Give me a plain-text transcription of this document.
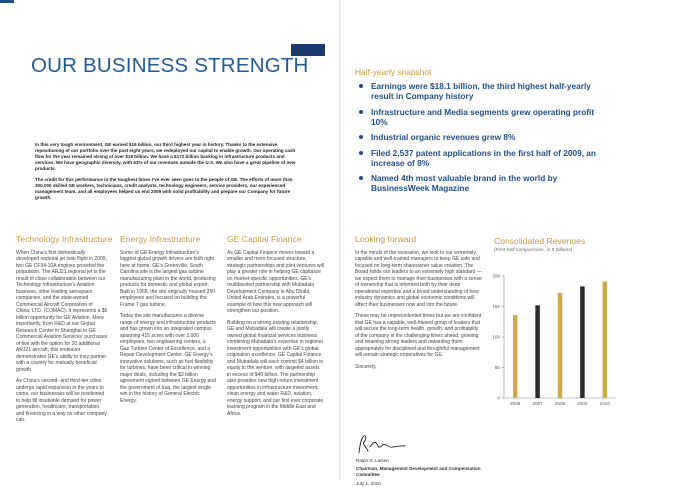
OUR BUSINESS STRENGTH

In this very tough environment, GE earned $18 billion, our third highest year in history. Thanks to the extensive repositioning of our portfolio over the past eight years, we redeployed our capital to enable growth. Our operating cash flow for the year remained strong at over $19 billion. We have a $172 billion backlog in infrastructure products and services. We have geographic diversity, with 53% of our revenues outside the U.S. We also have a great pipeline of new products.

The credit for this performance in the toughest times I’ve ever seen goes to the people of GE. The efforts of more than 300,000 skilled GE workers, technicians, credit analysts, technology engineers, service providers, our experienced management team, and all employees helped us end 2009 with solid profitability and prepare our Company for future growth.

Technology Infrastructure

When China’s first domestically developed regional jet took flight in 2009, two GE CF34-10A engines provided the propulsion. The ARJ21 regional jet is the result of close collaboration between our Technology Infrastructure’s Aviation business, other leading aerospace companies, and the state-owned Commercial Aircraft Corporation of China, LTD. (COMAC). It represents a $6 billion opportunity for GE Aviation. More importantly, from R&D at our Global Research Center in Shanghai to GE Commercial Aviation Services’ purchases of five with the option for 20 additional ARJ21 aircraft, this endeavor demonstrates GE’s ability to truly partner with a country for mutually beneficial growth.

As China’s second- and third-tier cities undergo rapid expansion in the years to come, our businesses will be positioned to help fill insatiable demand for power generation, healthcare, transportation, and financing in a way no other company can.

Energy Infrastructure

Some of GE Energy Infrastructure’s biggest global growth drivers are built right here at home. GE’s Greenville, South Carolina site is the largest gas turbine manufacturing plant in the world, producing products for domestic and global export. Built in 1968, the site originally housed 250 employees and focused on building the Frame 7 gas turbine.

Today the site manufactures a diverse range of energy and infrastructure products and has grown into an integrated campus spanning 415 acres with over 3,000 employees, two engineering centers, a Gas Turbine Center of Excellence, and a Repair Development Center. GE Energy’s innovative solutions, such as fuel flexibility for turbines, have been critical in winning major deals, including the $3 billion agreement signed between GE Energy and the government of Iraq, the largest single win in the history of General Electric Energy.

GE Capital Finance

As GE Capital Finance moves toward a smaller and more focused structure, strategic partnerships and joint ventures will play a greater role in helping GE capitalize on market-specific opportunities. GE’s multifaceted partnership with Mubadala Development Company in Abu Dhabi, United Arab Emirates, is a powerful example of how this new approach will strengthen our position.

Building on a strong existing relationship, GE and Mubadala will create a jointly owned global financial services business combining Mubadala’s expertise in regional investment opportunities with GE’s global origination excellence. GE Capital Finance and Mubadala will each commit $4 billion in equity to the venture, with targeted assets in excess of $40 billion. The partnership also provides new high-return investment opportunities in infrastructure investment, clean energy and water R&D, aviation, energy support, and our first ever corporate learning program in the Middle East and Africa.

Half-yearly snapshot
Earnings were $18.1 billion, the third highest half-yearly result in Company history
Infrastructure and Media segments grew operating profit 10%
Industrial organic revenues grew 8%
Filed 2,537 patent applications in the first half of 2009, an increase of 8%
Named 4th most valuable brand in the world by BusinessWeek Magazine
Looking forward

In the minds of the recession, we look to our extremely capable and well-trained managers to keep GE safe and focused on long-term shareowner value creation. The Board holds our leaders to an extremely high standard — we expect them to manage their businesses with a sense of ownership that is informed both by their deep operational expertise and a broad understanding of how industry dynamics and global economic conditions will affect their businesses now and into the future.

These may be unprecedented times but we are confident that GE has a capable, well-trained group of leaders that will secure the long-term health, growth, and profitability of the company in the challenging times ahead, growing and retaining strong leaders and rewarding them appropriately for disciplined and thoughtful management will remain strategic imperatives for GE.

Sincerely,

Ralph S. Larsen

Chairman, Management Development and Compensation Committee

July 1, 2010

Consolidated Revenues

(First-half comparisons, in $ billions)

0
50
100
150
200
2006	2007	2008	2009	2010
